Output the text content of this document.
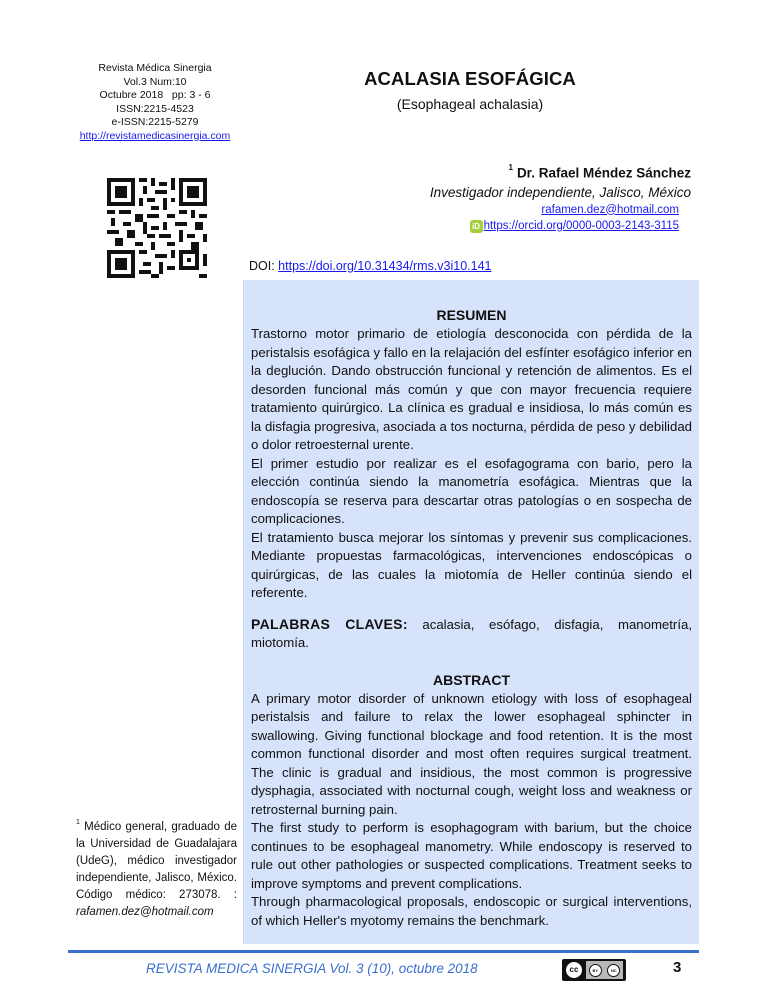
Revista Médica Sinergia
Vol.3 Num:10
Octubre 2018   pp: 3 - 6
ISSN:2215-4523
e-ISSN:2215-5279
http://revistamedicasinergia.com
ACALASIA ESOFÁGICA
(Esophageal achalasia)
$^1$ Dr. Rafael Méndez Sánchez
Investigador independiente, Jalisco, México
rafamen.dez@hotmail.com
iD https://orcid.org/0000-0003-2143-3115
DOI: https://doi.org/10.31434/rms.v3i10.141
RESUMEN

Trastorno motor primario de etiología desconocida con pérdida de la peristalsis esofágica y fallo en la relajación del esfínter esofágico inferior en la deglución. Dando obstrucción funcional y retención de alimentos. Es el desorden funcional más común y que con mayor frecuencia requiere tratamiento quirúrgico. La clínica es gradual e insidiosa, lo más común es la disfagia progresiva, asociada a tos nocturna, pérdida de peso y debilidad o dolor retroesternal urente.

El primer estudio por realizar es el esofagograma con bario, pero la elección continúa siendo la manometría esofágica. Mientras que la endoscopía se reserva para descartar otras patologías o en sospecha de complicaciones.

El tratamiento busca mejorar los síntomas y prevenir sus complicaciones. Mediante propuestas farmacológicas, intervenciones endoscópicas o quirúrgicas, de las cuales la miotomía de Heller continúa siendo el referente.

PALABRAS CLAVES: acalasia, esófago, disfagia, manometría, miotomía.

ABSTRACT

A primary motor disorder of unknown etiology with loss of esophageal peristalsis and failure to relax the lower esophageal sphincter in swallowing. Giving functional blockage and food retention. It is the most common functional disorder and most often requires surgical treatment. The clinic is gradual and insidious, the most common is progressive dysphagia, associated with nocturnal cough, weight loss and weakness or retrosternal burning pain.

The first study to perform is esophagogram with barium, but the choice continues to be esophageal manometry. While endoscopy is reserved to rule out other pathologies or suspected complications. Treatment seeks to improve symptoms and prevent complications.

Through pharmacological proposals, endoscopic or surgical interventions, of which Heller's myotomy remains the benchmark.

$^1$ Médico general, graduado de la Universidad de Guadalajara (UdeG), médico investigador independiente, Jalisco, México. Código médico: 273078. : rafamen.dez@hotmail.com
REVISTA MEDICA SINERGIA Vol. 3 (10), octubre 2018	cc	BY	NC	3
